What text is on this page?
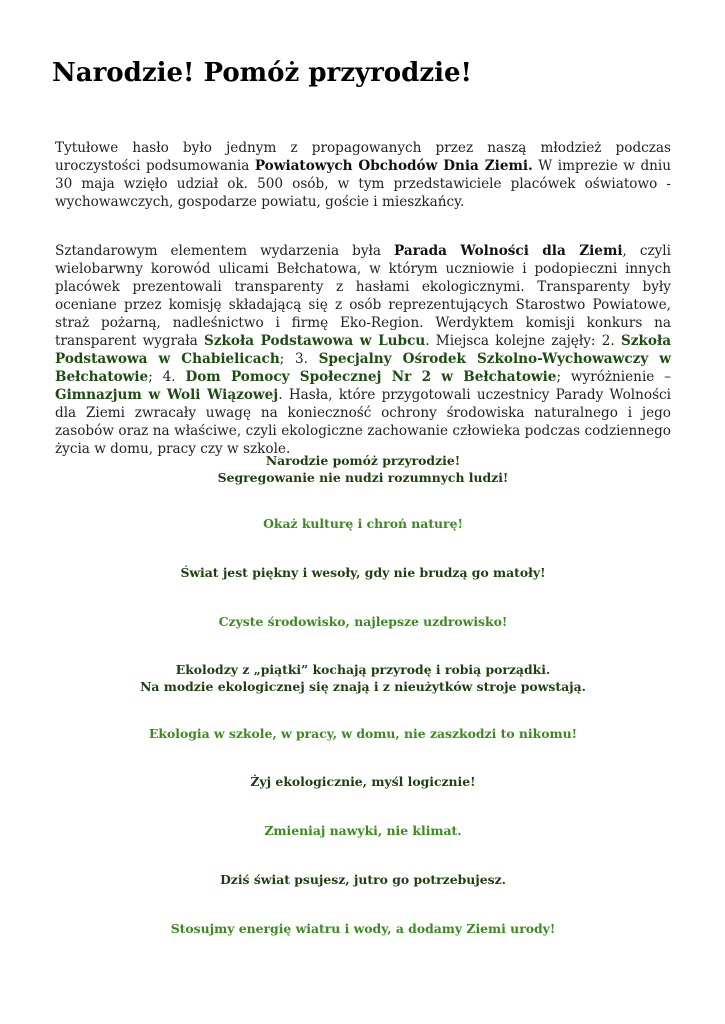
Narodzie! Pomóż przyrodzie!

Tytułowe hasło było jednym z propagowanych przez naszą młodzież podczas uroczystości podsumowania Powiatowych Obchodów Dnia Ziemi. W imprezie w dniu 30 maja wzięło udział ok. 500 osób, w tym przedstawiciele placówek oświatowo - wychowawczych, gospodarze powiatu, goście i mieszkańcy.

Sztandarowym elementem wydarzenia była Parada Wolności dla Ziemi, czyli wielobarwny korowód ulicami Bełchatowa, w którym uczniowie i podopieczni innych placówek prezentowali transparenty z hasłami ekologicznymi. Transparenty były oceniane przez komisję składającą się z osób reprezentujących Starostwo Powiatowe, straż pożarną, nadleśnictwo i firmę Eko-Region. Werdyktem komisji konkurs na transparent wygrała Szkoła Podstawowa w Lubcu. Miejsca kolejne zajęły: 2. Szkoła Podstawowa w Chabielicach; 3. Specjalny Ośrodek Szkolno-Wychowawczy w Bełchatowie; 4. Dom Pomocy Społecznej Nr 2 w Bełchatowie; wyróżnienie – Gimnazjum w Woli Wiązowej. Hasła, które przygotowali uczestnicy Parady Wolności dla Ziemi zwracały uwagę na konieczność ochrony środowiska naturalnego i jego zasobów oraz na właściwe, czyli ekologiczne zachowanie człowieka podczas codziennego życia w domu, pracy czy w szkole.

Narodzie pomóż przyrodzie!
Segregowanie nie nudzi rozumnych ludzi!
Okaż kulturę i chroń naturę!
Świat jest piękny i wesoły, gdy nie brudzą go matoły!
Czyste środowisko, najlepsze uzdrowisko!
Ekolodzy z „piątki” kochają przyrodę i robią porządki.
Na modzie ekologicznej się znają i z nieużytków stroje powstają.
Ekologia w szkole, w pracy, w domu, nie zaszkodzi to nikomu!
Żyj ekologicznie, myśl logicznie!
Zmieniaj nawyki, nie klimat.
Dziś świat psujesz, jutro go potrzebujesz.
Stosujmy energię wiatru i wody, a dodamy Ziemi urody!
